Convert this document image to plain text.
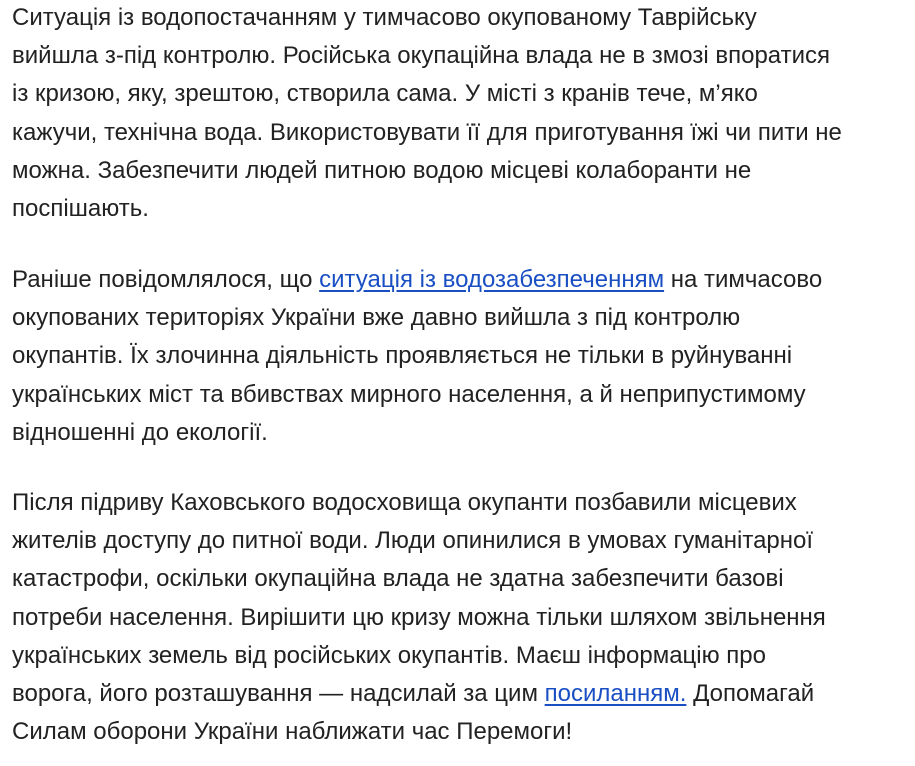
Ситуація із водопостачанням у тимчасово окупованому Таврійську
вийшла з-під контролю. Російська окупаційна влада не в змозі впоратися
із кризою, яку, зрештою, створила сама. У місті з кранів тече, м’яко
кажучи, технічна вода. Використовувати її для приготування їжі чи пити не
можна. Забезпечити людей питною водою місцеві колаборанти не
поспішають.

Раніше повідомлялося, що ситуація із водозабезпеченням на тимчасово
окупованих територіях України вже давно вийшла з під контролю
окупантів. Їх злочинна діяльність проявляється не тільки в руйнуванні
українських міст та вбивствах мирного населення, а й неприпустимому
відношенні до екології.

Після підриву Каховського водосховища окупанти позбавили місцевих
жителів доступу до питної води. Люди опинилися в умовах гуманітарної
катастрофи, оскільки окупаційна влада не здатна забезпечити базові
потреби населення. Вирішити цю кризу можна тільки шляхом звільнення
українських земель від російських окупантів. Маєш інформацію про
ворога, його розташування — надсилай за цим посиланням. Допомагай
Силам оборони України наближати час Перемоги!
